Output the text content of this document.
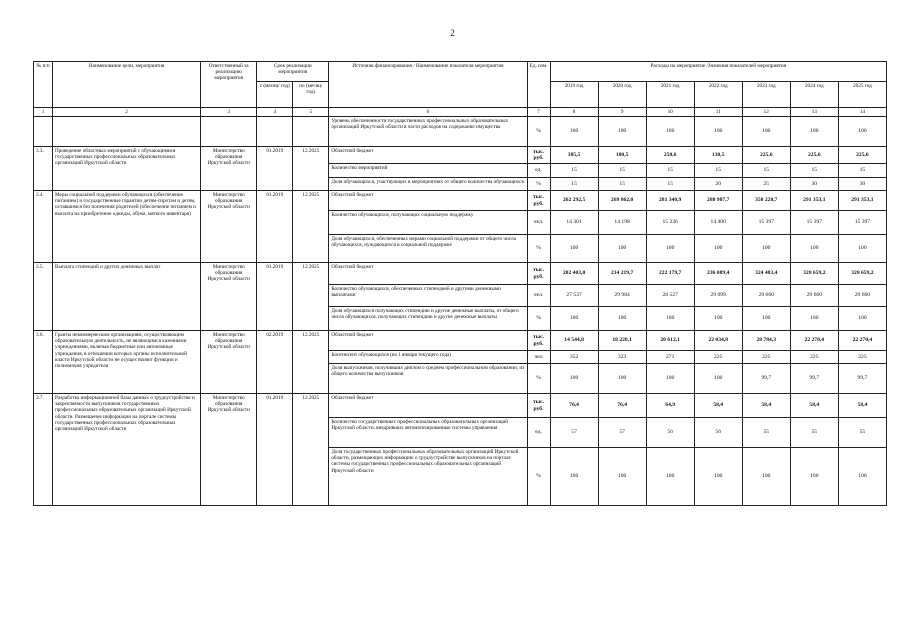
2
№ п/п	Наименование цели, мероприятия	Ответственный за реализацию мероприятия	Срок реализации мероприятия		Источник финансирования / Наименование показателя мероприятия	Ед. изм.	Расходы на мероприятие /Значения показателей мероприятия						
			с (месяц/ год)	по (месяц/ год)			2019 год	2020 год	2021 год	2022 год	2023 год	2024 год	2025 год
1	2	3	4	5	6	7	8	9	10	11	12	13	14
					Уровень обеспеченности государственных профессиональных образовательных организаций Иркутской области в части расходов на содержание имущества	%	100	100	100	100	100	100	100
3.3.	Проведение областных мероприятий с обучающимися государственных профессиональных образовательных организаций Иркутской области	Министерство образования Иркутской области	01.2019	12.2025	Областной бюджет	тыс. руб.	385,5	180,5	250,6	130,5	225,6	225,6	225,6
					Количество мероприятий	ед.	15	15	15	15	15	15	15
					Доля обучающихся, участвующих в мероприятиях от общего количества обучающихся	%	15	15	15	20	25	30	30
3.4.	Меры социальной поддержки обучающихся (обеспечение питанием) и государственные гарантии детям-сиротам и детям, оставшимся без попечения родителей (обеспечение питанием и выплата на приобретение одежды, обуви, мягкого инвентаря)	Министерство образования Иркутской области	01.2019	12.2025	Областной бюджет	тыс. руб.	262 292,5	269 862,0	281 340,9	288 907,7	350 228,7	291 353,1	291 353,1
					Количество обучающихся, получающих социальную поддержку	чел.	14 301	14 198	15 236	14 400	15 397	15 397	15 397
					Доля обучающихся, обеспеченных мерами социальной поддержки от общего числа обучающихся, нуждающихся в социальной поддержке	%	100	100	100	100	100	100	100
3.5.	Выплата стипендий и других денежных выплат	Министерство образования Иркутской области	01.2019	12.2025	Областной бюджет	тыс. руб.	202 403,0	214 219,7	222 179,7	236 089,4	324 483,4	328 659,2	328 659,2
					Количество обучающихся, обеспеченных стипендией и другими денежными выплатами	чел.	27 537	29 984	28 527	29 099	29 660	29 660	29 660
					Доля обучающихся получающих стипендию и другие денежные выплаты, от общего числа обучающихся, получающих стипендию и другие денежные выплаты	%	100	100	100	100	100	100	100
3.6.	Гранты некоммерческим организациям, осуществляющим образовательную деятельность, не являющимся казенными учреждениями, включая бюджетные или автономные учреждения, в отношении которых органы исполнительной власти Иркутской области не осуществляют функции и полномочия учредителя	Министерство образования Иркутской области	02.2019	12.2025	Областной бюджет	тыс. руб.	14 544,8	18 228,1	20 612,1	22 034,8	28 784,3	22 270,4	22 270,4
					Контингент обучающихся (на 1 января текущего года)	чел	352	323	271	225	225	225	225
					Доля выпускников, получивших диплом о среднем профессиональном образовании, из общего количества выпускников	%	100	100	100	100	99,7	99,7	99,7
3.7.	Разработка информационной базы данных о трудоустройстве и закрепляемости выпускников государственных профессиональных образовательных организаций Иркутской области. Размещение информации на портале системы государственных профессиональных образовательных организаций Иркутской области	Министерство образования Иркутской области	01.2019	12.2025	Областной бюджет	тыс. руб.	76,4	76,4	64,9	58,4	58,4	58,4	58,4
					Количество государственных профессиональных образовательных организаций Иркутской области, внедривших автоматизированные системы управления	ед.	57	57	56	56	55	55	55
					Доля государственных профессиональных образовательных организаций Иркутской области, размещающих информацию о трудоустройстве выпускников на портале системы государственных профессиональных образовательных организаций Иркутской области	%	100	100	100	100	100	100	100
